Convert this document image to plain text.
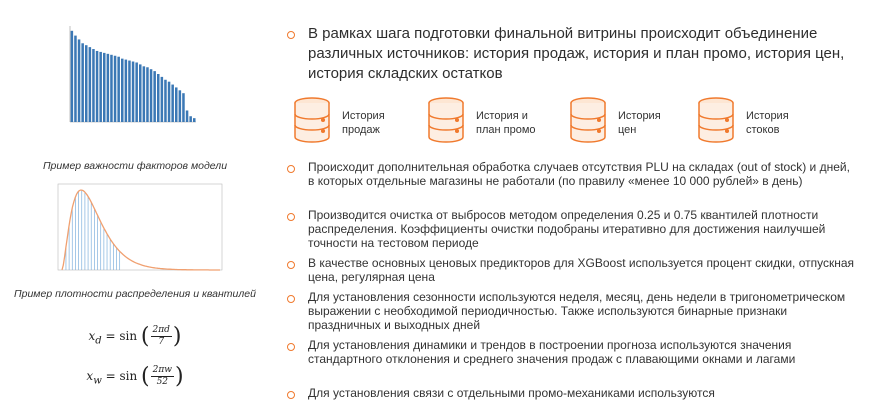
Пример важности факторов модели
Пример плотности распределения и квантилей
$x_d = \sin$ ( $\frac{2\pi d}{7}$ )
$x_w = \sin$ ( $\frac{2\pi w}{52}$ )
В рамках шага подготовки финальной витрины происходит объединение различных источников: история продаж, история и план промо, история цен, история складских остатков
История
продаж
История и
план промо
История
цен
История
стоков
Происходит дополнительная обработка случаев отсутствия PLU на складах (out of stock) и дней, в которых отдельные магазины не работали (по правилу «менее 10 000 рублей» в день)
Производится очистка от выбросов методом определения 0.25 и 0.75 квантилей плотности распределения. Коэффициенты очистки подобраны итеративно для достижения наилучшей точности на тестовом периоде
В качестве основных ценовых предикторов для XGBoost используется процент скидки, отпускная цена, регулярная цена
Для установления сезонности используются неделя, месяц, день недели в тригонометрическом выражении с необходимой периодичностью. Также используются бинарные признаки праздничных и выходных дней
Для установления динамики и трендов в построении прогноза используются значения стандартного отклонения и среднего значения продаж с плавающими окнами и лагами
Для установления связи с отдельными промо-механиками используются
